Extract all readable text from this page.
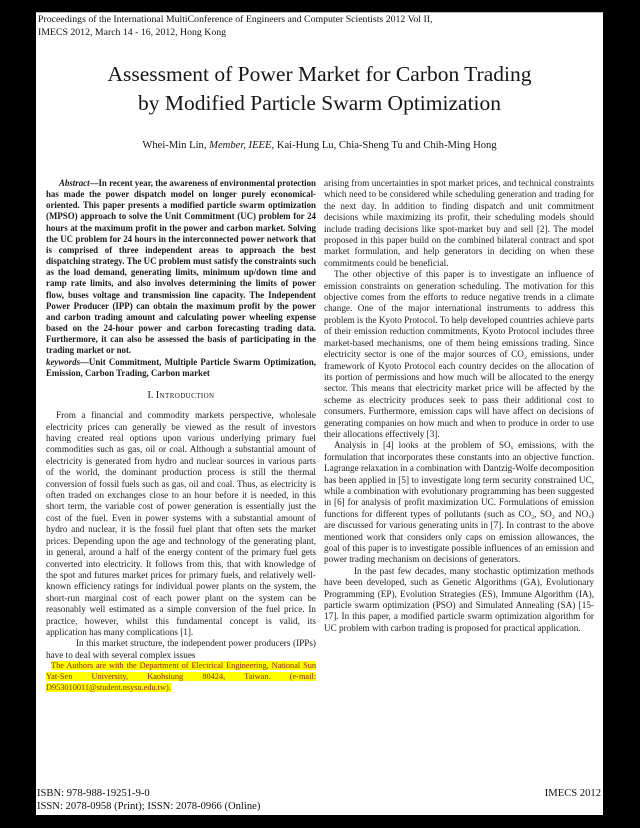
Proceedings of the International MultiConference of Engineers and Computer Scientists 2012 Vol II,
IMECS 2012, March 14 - 16, 2012, Hong Kong
Assessment of Power Market for Carbon Trading
by Modified Particle Swarm Optimization
Whei-Min Lin, Member, IEEE, Kai-Hung Lu, Chia-Sheng Tu and Chih-Ming Hong

Abstract—In recent year, the awareness of environmental protection has made the power dispatch model on longer purely economical-oriented. This paper presents a modified particle swarm optimization (MPSO) approach to solve the Unit Commitment (UC) problem for 24 hours at the maximum profit in the power and carbon market. Solving the UC problem for 24 hours in the interconnected power network that is comprised of three independent areas to approach the best dispatching strategy. The UC problem must satisfy the constraints such as the load demand, generating limits, minimum up/down time and ramp rate limits, and also involves determining the limits of power flow, buses voltage and transmission line capacity. The Independent Power Producer (IPP) can obtain the maximum profit by the power and carbon trading amount and calculating power wheeling expense based on the 24-hour power and carbon forecasting trading data. Furthermore, it can also be assessed the basis of participating in the trading market or not.

keywords—Unit Commitment, Multiple Particle Swarm Optimization, Emission, Carbon Trading, Carbon market

I. Introduction

From a financial and commodity markets perspective, wholesale electricity prices can generally be viewed as the result of investors having created real options upon various underlying primary fuel commodities such as gas, oil or coal. Although a substantial amount of electricity is generated from hydro and nuclear sources in various parts of the world, the dominant production process is still the thermal conversion of fossil fuels such as gas, oil and coal. Thus, as electricity is often traded on exchanges close to an hour before it is needed, in this short term, the variable cost of power generation is essentially just the cost of the fuel. Even in power systems with a substantial amount of hydro and nuclear, it is the fossil fuel plant that often sets the market prices. Depending upon the age and technology of the generating plant, in general, around a half of the energy content of the primary fuel gets converted into electricity. It follows from this, that with knowledge of the spot and futures market prices for primary fuels, and relatively well-known efficiency ratings for individual power plants on the system, the short-run marginal cost of each power plant on the system can be reasonably well estimated as a simple conversion of the fuel price. In practice, however, whilst this fundamental concept is valid, its application has many complications [1].

In this market structure, the independent power producers (IPPs) have to deal with several complex issues

The Authors are with the Department of Electrical Engineering, National Sun Yat-Sen University, Kaohsiung 80424, Taiwan. (e-mail: D953010011@student.nsysu.edu.tw).

arising from uncertainties in spot market prices, and technical constraints which need to be considered while scheduling generation and trading for the next day. In addition to finding dispatch and unit commitment decisions while maximizing its profit, their scheduling models should include trading decisions like spot-market buy and sell [2]. The model proposed in this paper build on the combined bilateral contract and spot market formulation, and help generators in deciding on when these commitments could be beneficial.

The other objective of this paper is to investigate an influence of emission constraints on generation scheduling. The motivation for this objective comes from the efforts to reduce negative trends in a climate change. One of the major international instruments to address this problem is the Kyoto Protocol. To help developed countries achieve parts of their emission reduction commitments, Kyoto Protocol includes three market-based mechanisms, one of them being emissions trading. Since electricity sector is one of the major sources of CO₂ emissions, under framework of Kyoto Protocol each country decides on the allocation of its portion of permissions and how much will be allocated to the energy sector. This means that electricity market price will be affected by the scheme as electricity produces seek to pass their additional cost to consumers. Furthermore, emission caps will have affect on decisions of generating companies on how much and when to produce in order to use their allocations effectively [3].

Analysis in [4] looks at the problem of SOₓ emissions, with the formulation that incorporates these constants into an objective function. Lagrange relaxation in a combination with Dantzig-Wolfe decomposition has been applied in [5] to investigate long term security constrained UC, while a combination with evolutionary programming has been suggested in [6] for analysis of profit maximization UC. Formulations of emission functions for different types of pollutants (such as CO₂, SO₂ and NOₓ) are discussed for various generating units in [7]. In contrast to the above mentioned work that considers only caps on emission allowances, the goal of this paper is to investigate possible influences of an emission and power trading mechanism on decisions of generators.

In the past few decades, many stochastic optimization methods have been developed, such as Genetic Algorithms (GA), Evolutionary Programming (EP), Evolution Strategies (ES), Immune Algorithm (IA), particle swarm optimization (PSO) and Simulated Annealing (SA) [15-17]. In this paper, a modified particle swarm optimization algorithm for UC problem with carbon trading is proposed for practical application.

ISBN: 978-988-19251-9-0
ISSN: 2078-0958 (Print); ISSN: 2078-0966 (Online)
IMECS 2012
